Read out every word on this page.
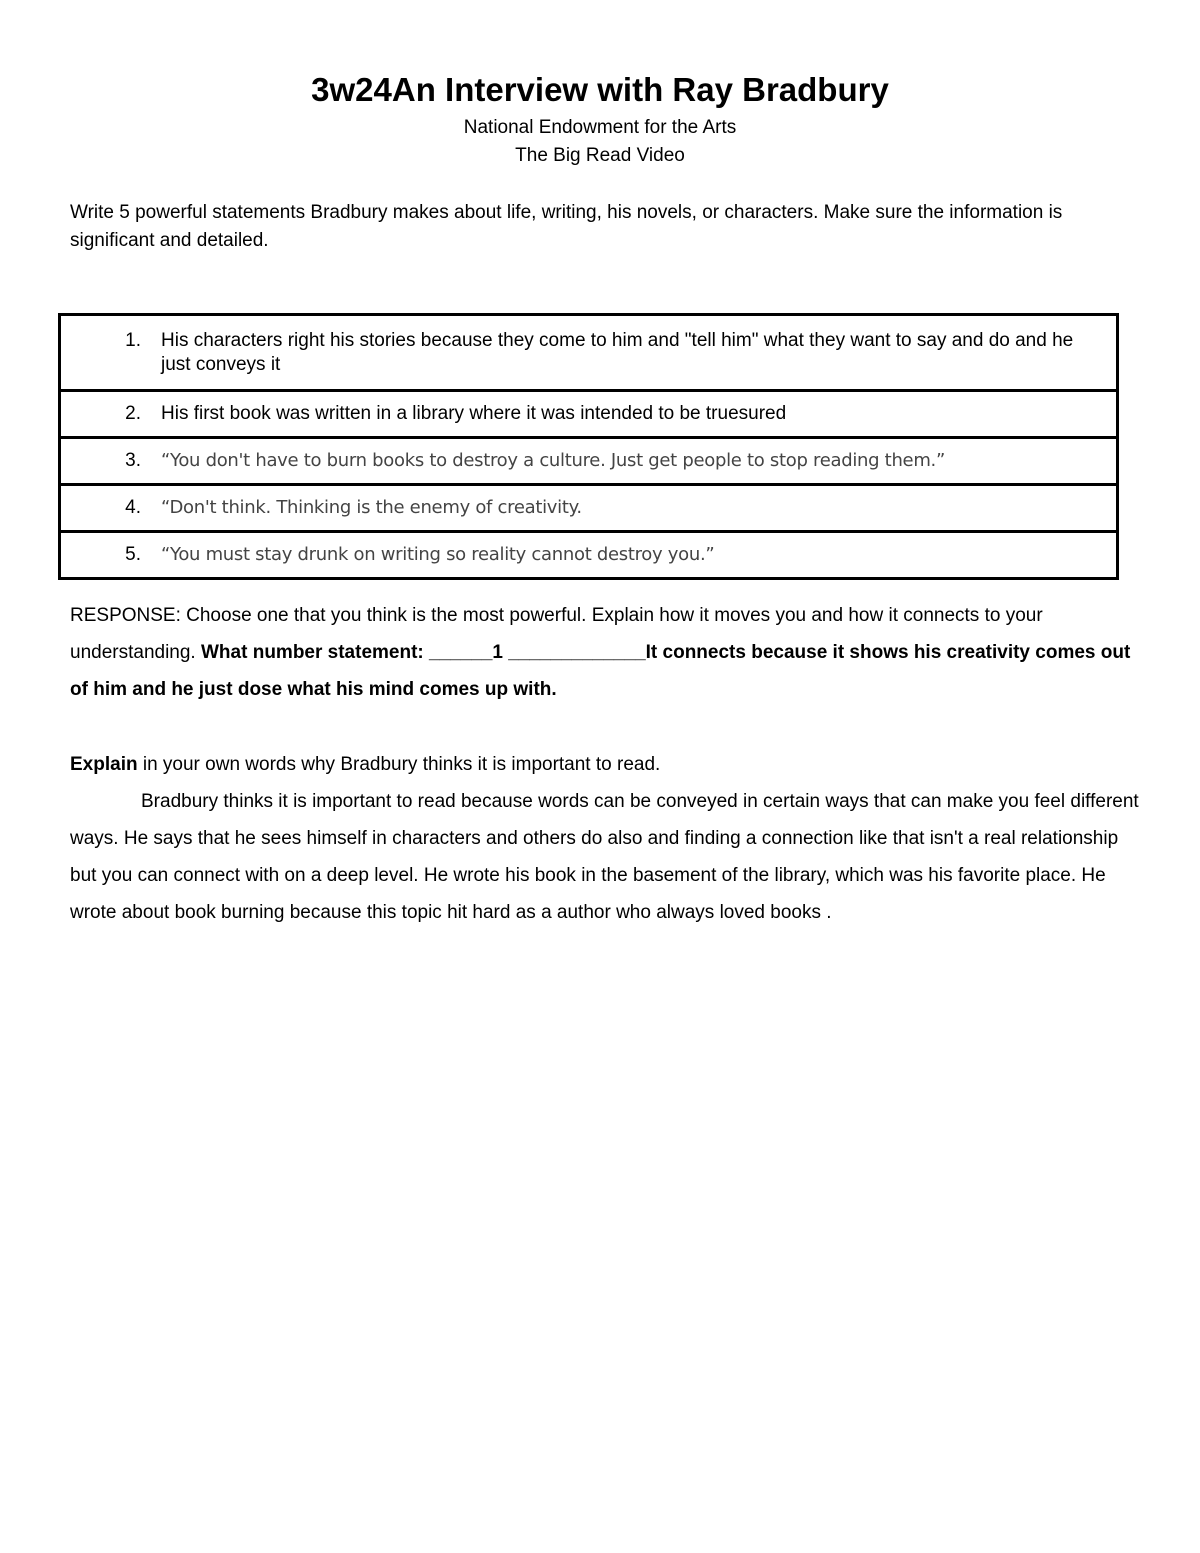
3w24An Interview with Ray Bradbury
National Endowment for the Arts
The Big Read Video
Write 5 powerful statements Bradbury makes about life, writing, his novels, or characters. Make sure the information is significant and detailed.
1 .	His characters right his stories because they come to him and "tell him" what they want to say and do and he just conveys it

2 .	His first book was written in a library where it was intended to be truesured

3 .	“You don't have to burn books to destroy a culture. Just get people to stop reading them.”

4 .	“Don't think. Thinking is the enemy of creativity.

5 .	“You must stay drunk on writing so reality cannot destroy you.”
RESPONSE: Choose one that you think is the most powerful. Explain how it moves you and how it connects to your understanding. What number statement: ______1 _____________It connects because it shows his creativity comes out of him and he just dose what his mind comes up with.

Explain in your own words why Bradbury thinks it is important to read.

Bradbury thinks it is important to read because words can be conveyed in certain ways that can make you feel different ways. He says that he sees himself in characters and others do also and finding a connection like that isn't a real relationship but you can connect with on a deep level. He wrote his book in the basement of the library, which was his favorite place. He wrote about book burning because this topic hit hard as a author who always loved books .
